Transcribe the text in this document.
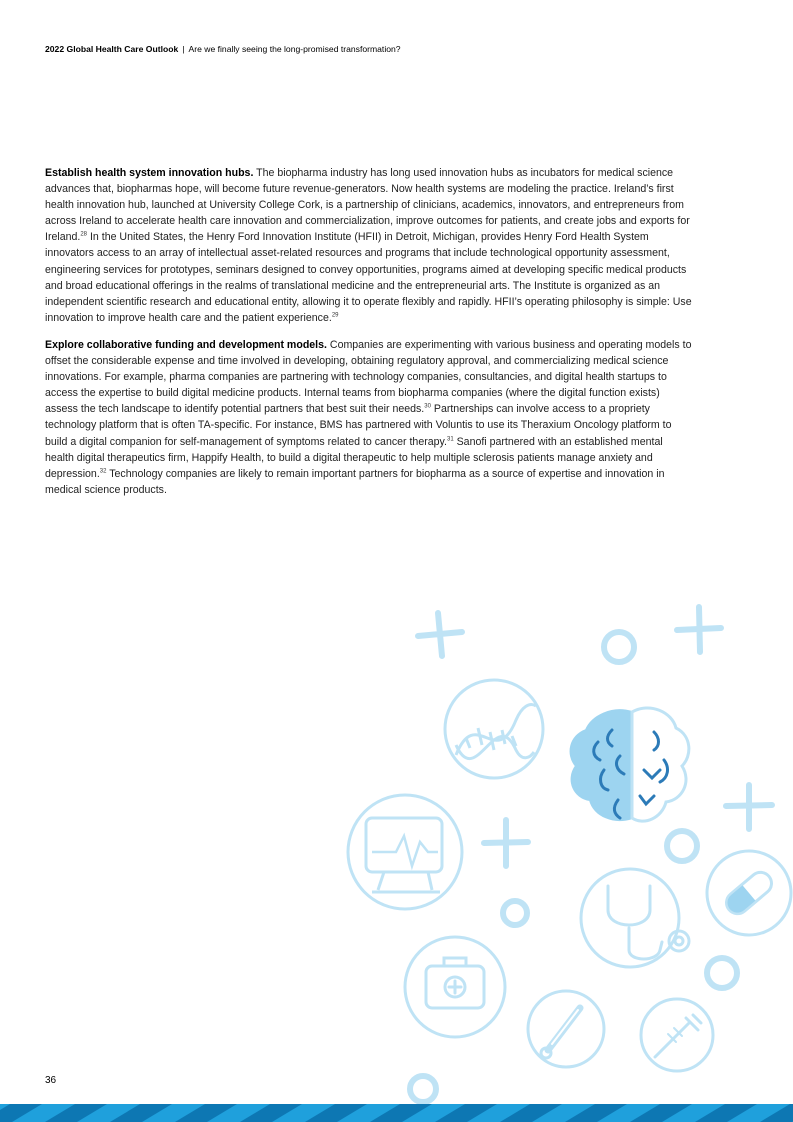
2022 Global Health Care Outlook | Are we finally seeing the long-promised transformation?

Establish health system innovation hubs. The biopharma industry has long used innovation hubs as incubators for medical science advances that, biopharmas hope, will become future revenue-generators. Now health systems are modeling the practice. Ireland’s first health innovation hub, launched at University College Cork, is a partnership of clinicians, academics, innovators, and entrepreneurs from across Ireland to accelerate health care innovation and commercialization, improve outcomes for patients, and create jobs and exports for Ireland.$^{28}$ In the United States, the Henry Ford Innovation Institute (HFII) in Detroit, Michigan, provides Henry Ford Health System innovators access to an array of intellectual asset-related resources and programs that include technological opportunity assessment, engineering services for prototypes, seminars designed to convey opportunities, programs aimed at developing specific medical products and broad educational offerings in the realms of translational medicine and the entrepreneurial arts. The Institute is organized as an independent scientific research and educational entity, allowing it to operate flexibly and rapidly. HFII’s operating philosophy is simple: Use innovation to improve health care and the patient experience.$^{29}$

Explore collaborative funding and development models. Companies are experimenting with various business and operating models to offset the considerable expense and time involved in developing, obtaining regulatory approval, and commercializing medical science innovations. For example, pharma companies are partnering with technology companies, consultancies, and digital health startups to access the expertise to build digital medicine products. Internal teams from biopharma companies (where the digital function exists) assess the tech landscape to identify potential partners that best suit their needs.$^{30}$ Partnerships can involve access to a propriety technology platform that is often TA-specific. For instance, BMS has partnered with Voluntis to use its Theraxium Oncology platform to build a digital companion for self-management of symptoms related to cancer therapy.$^{31}$ Sanofi partnered with an established mental health digital therapeutics firm, Happify Health, to build a digital therapeutic to help multiple sclerosis patients manage anxiety and depression.$^{32}$ Technology companies are likely to remain important partners for biopharma as a source of expertise and innovation in medical science products.

36
